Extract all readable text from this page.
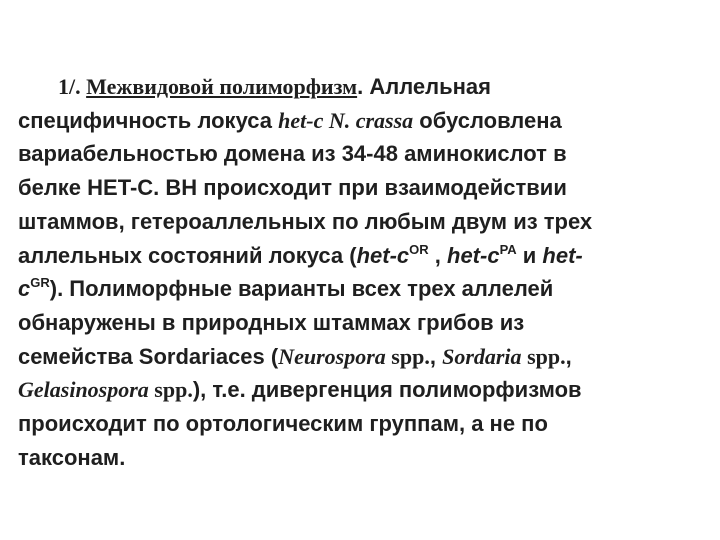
1/. Межвидовой полиморфизм. Аллельная
специфичность локуса het-c N. crassa обусловлена
вариабельностью домена из 34-48 аминокислот в
белке HET-C. ВН происходит при взаимодействии
штаммов, гетероаллельных по любым двум из трех
аллельных состояний локуса ($het-c^{OR}$ , het-$c^{PA}$ и het-
$c^{GR}$). Полиморфные варианты всех трех аллелей
обнаружены в природных штаммах грибов из
семейства Sordariaces (Neurospora spp., Sordaria spp.,
Gelasinospora spp.), т.е. дивергенция полиморфизмов
происходит по ортологическим группам, а не по
таксонам.
